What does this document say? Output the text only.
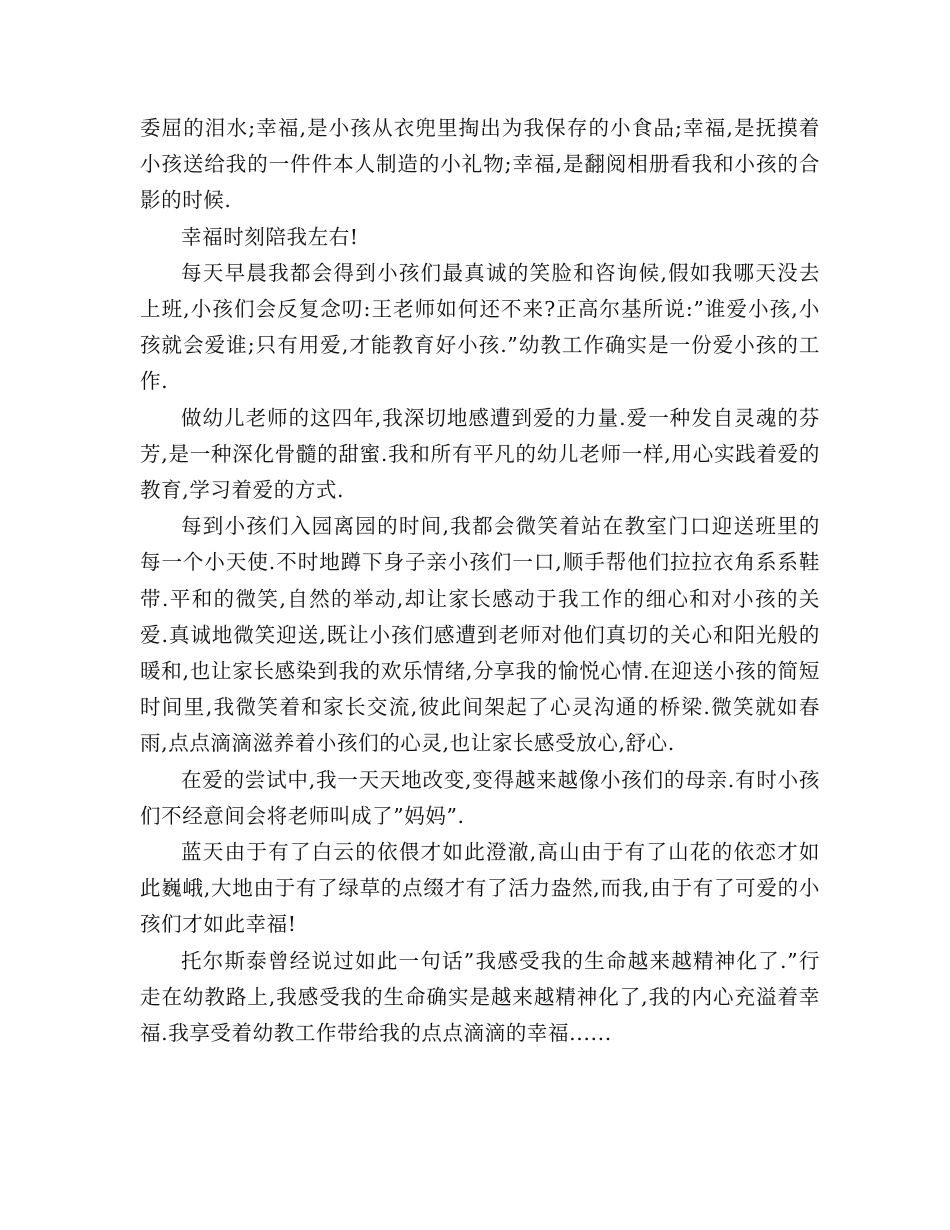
委屈的泪水;幸福,是小孩从衣兜里掏出为我保存的小食品;幸福,是抚摸着小孩送给我的一件件本人制造的小礼物;幸福,是翻阅相册看我和小孩的合影的时候.

幸福时刻陪我左右!

每天早晨我都会得到小孩们最真诚的笑脸和咨询候,假如我哪天没去上班,小孩们会反复念叨:王老师如何还不来?正高尔基所说:”谁爱小孩,小孩就会爱谁;只有用爱,才能教育好小孩.”幼教工作确实是一份爱小孩的工作.

做幼儿老师的这四年,我深切地感遭到爱的力量.爱一种发自灵魂的芬芳,是一种深化骨髓的甜蜜.我和所有平凡的幼儿老师一样,用心实践着爱的教育,学习着爱的方式.

每到小孩们入园离园的时间,我都会微笑着站在教室门口迎送班里的每一个小天使.不时地蹲下身子亲小孩们一口,顺手帮他们拉拉衣角系系鞋带.平和的微笑,自然的举动,却让家长感动于我工作的细心和对小孩的关爱.真诚地微笑迎送,既让小孩们感遭到老师对他们真切的关心和阳光般的暖和,也让家长感染到我的欢乐情绪,分享我的愉悦心情.在迎送小孩的简短时间里,我微笑着和家长交流,彼此间架起了心灵沟通的桥梁.微笑就如春雨,点点滴滴滋养着小孩们的心灵,也让家长感受放心,舒心.

在爱的尝试中,我一天天地改变,变得越来越像小孩们的母亲.有时小孩们不经意间会将老师叫成了”妈妈”.

蓝天由于有了白云的依偎才如此澄澈,高山由于有了山花的依恋才如此巍峨,大地由于有了绿草的点缀才有了活力盎然,而我,由于有了可爱的小孩们才如此幸福!

托尔斯泰曾经说过如此一句话”我感受我的生命越来越精神化了.”行走在幼教路上,我感受我的生命确实是越来越精神化了,我的内心充溢着幸福.我享受着幼教工作带给我的点点滴滴的幸福......
